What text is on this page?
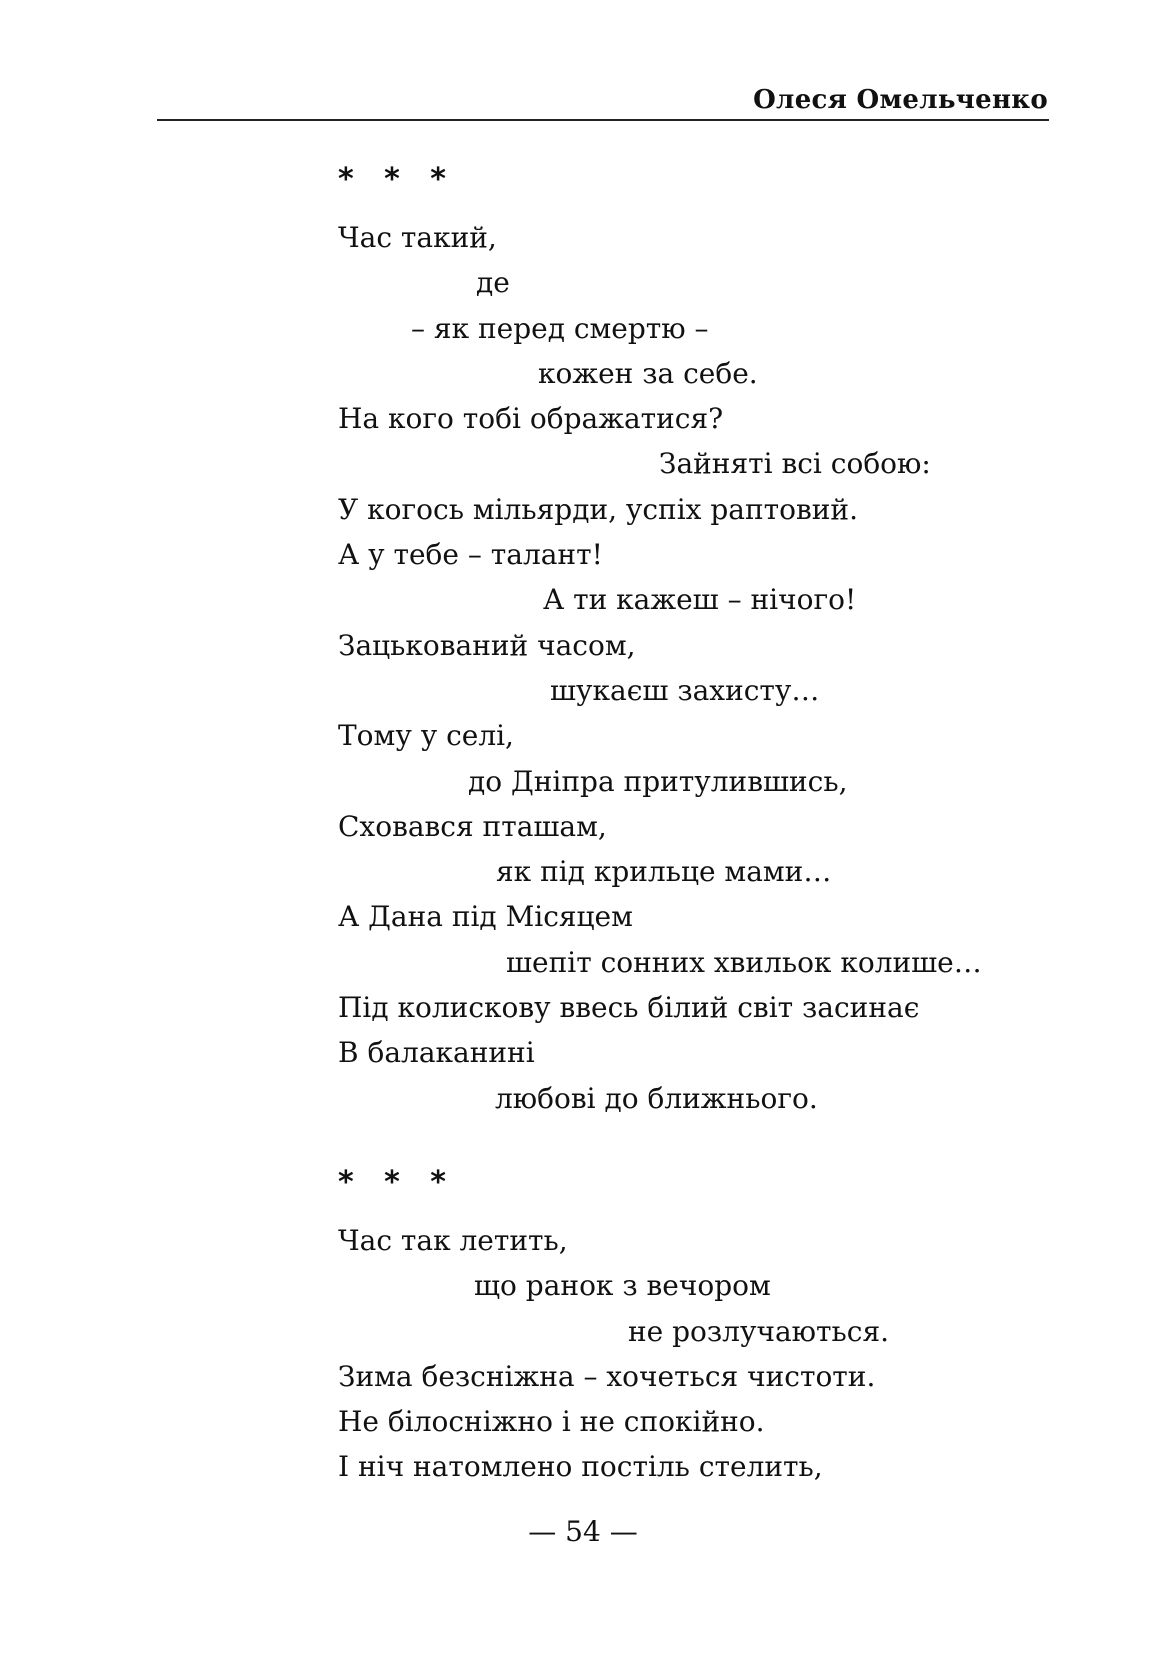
Олеся Омельченко
* * *
Час такий,
де
– як перед смертю –
кожен за себе.
На кого тобі ображатися?
Зайняті всі собою:
У когось мільярди, успіх раптовий.
А у тебе – талант!
А ти кажеш – нічого!
Зацькований часом,
шукаєш захисту…
Тому у селі,
до Дніпра притулившись,
Сховався пташам,
як під крильце мами…
А Дана під Місяцем
шепіт сонних хвильок колише…
Під колискову ввесь білий світ засинає
В балаканині
любові до ближнього.
* * *
Час так летить,
що ранок з вечором
не розлучаються.
Зима безсніжна – хочеться чистоти.
Не білосніжно і не спокійно.
І ніч натомлено постіль стелить,
— 54 —
